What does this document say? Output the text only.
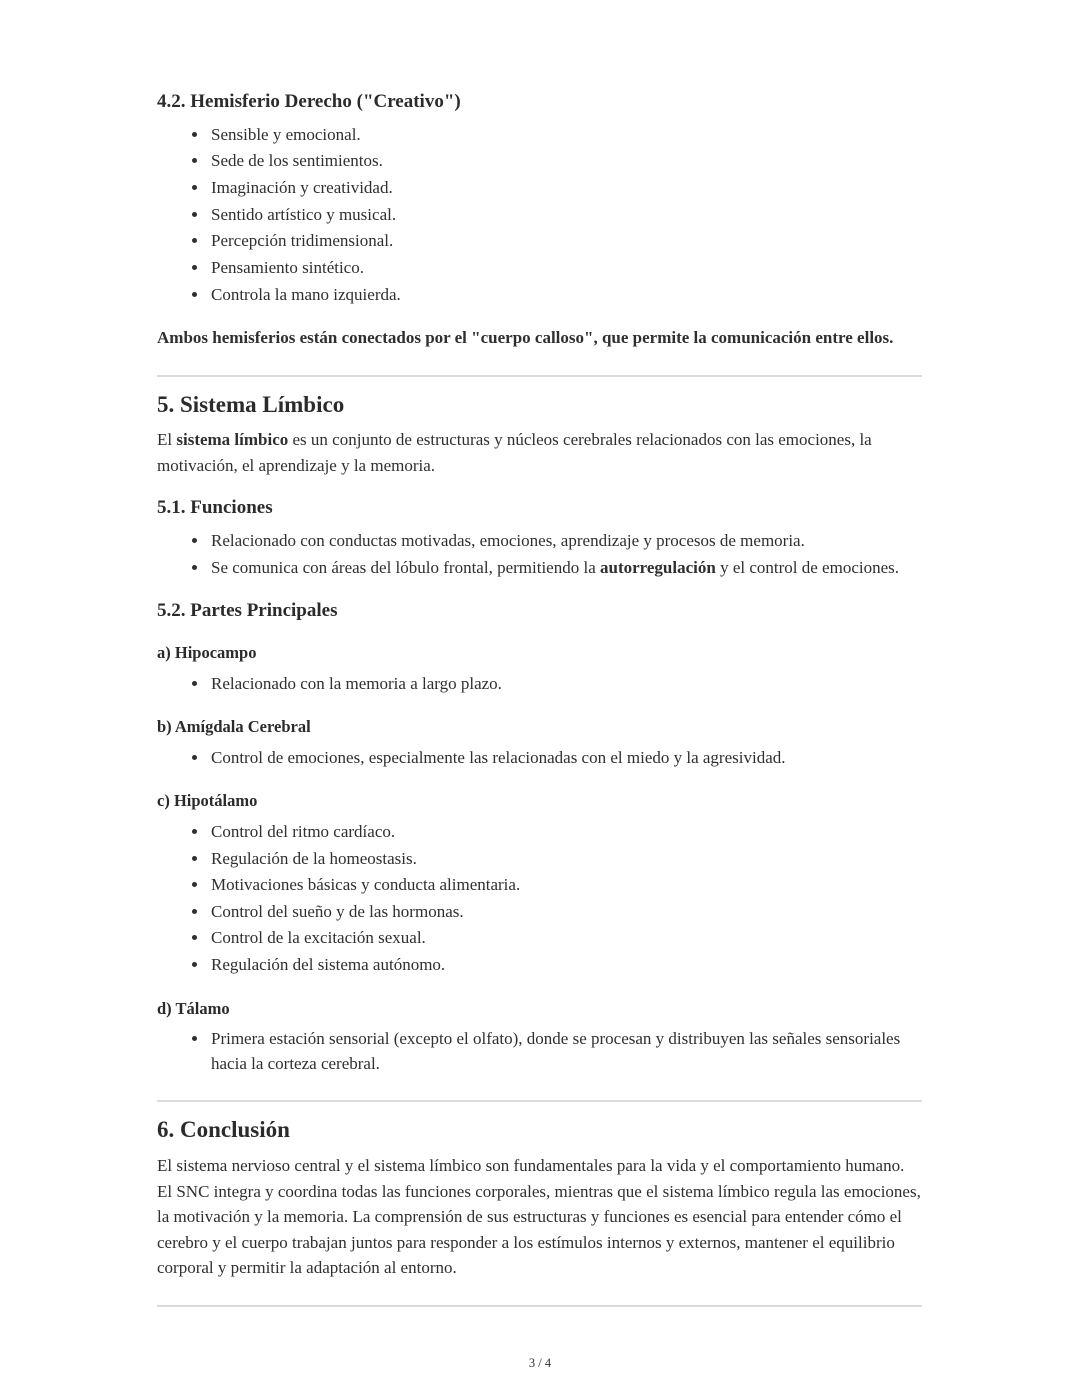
4.2. Hemisferio Derecho ("Creativo")
• Sensible y emocional.
• Sede de los sentimientos.
• Imaginación y creatividad.
• Sentido artístico y musical.
• Percepción tridimensional.
• Pensamiento sintético.
• Controla la mano izquierda.

Ambos hemisferios están conectados por el "cuerpo calloso", que permite la comunicación entre ellos.

5. Sistema Límbico

El sistema límbico es un conjunto de estructuras y núcleos cerebrales relacionados con las emociones, la motivación, el aprendizaje y la memoria.

5.1. Funciones
• Relacionado con conductas motivadas, emociones, aprendizaje y procesos de memoria.
• Se comunica con áreas del lóbulo frontal, permitiendo la autorregulación y el control de emociones.
5.2. Partes Principales
a) Hipocampo
• Relacionado con la memoria a largo plazo.
b) Amígdala Cerebral
• Control de emociones, especialmente las relacionadas con el miedo y la agresividad.
c) Hipotálamo
• Control del ritmo cardíaco.
• Regulación de la homeostasis.
• Motivaciones básicas y conducta alimentaria.
• Control del sueño y de las hormonas.
• Control de la excitación sexual.
• Regulación del sistema autónomo.
d) Tálamo
• Primera estación sensorial (excepto el olfato), donde se procesan y distribuyen las señales sensoriales hacia la corteza cerebral.
6. Conclusión

El sistema nervioso central y el sistema límbico son fundamentales para la vida y el comportamiento humano. El SNC integra y coordina todas las funciones corporales, mientras que el sistema límbico regula las emociones, la motivación y la memoria. La comprensión de sus estructuras y funciones es esencial para entender cómo el cerebro y el cuerpo trabajan juntos para responder a los estímulos internos y externos, mantener el equilibrio corporal y permitir la adaptación al entorno.

3 / 4
